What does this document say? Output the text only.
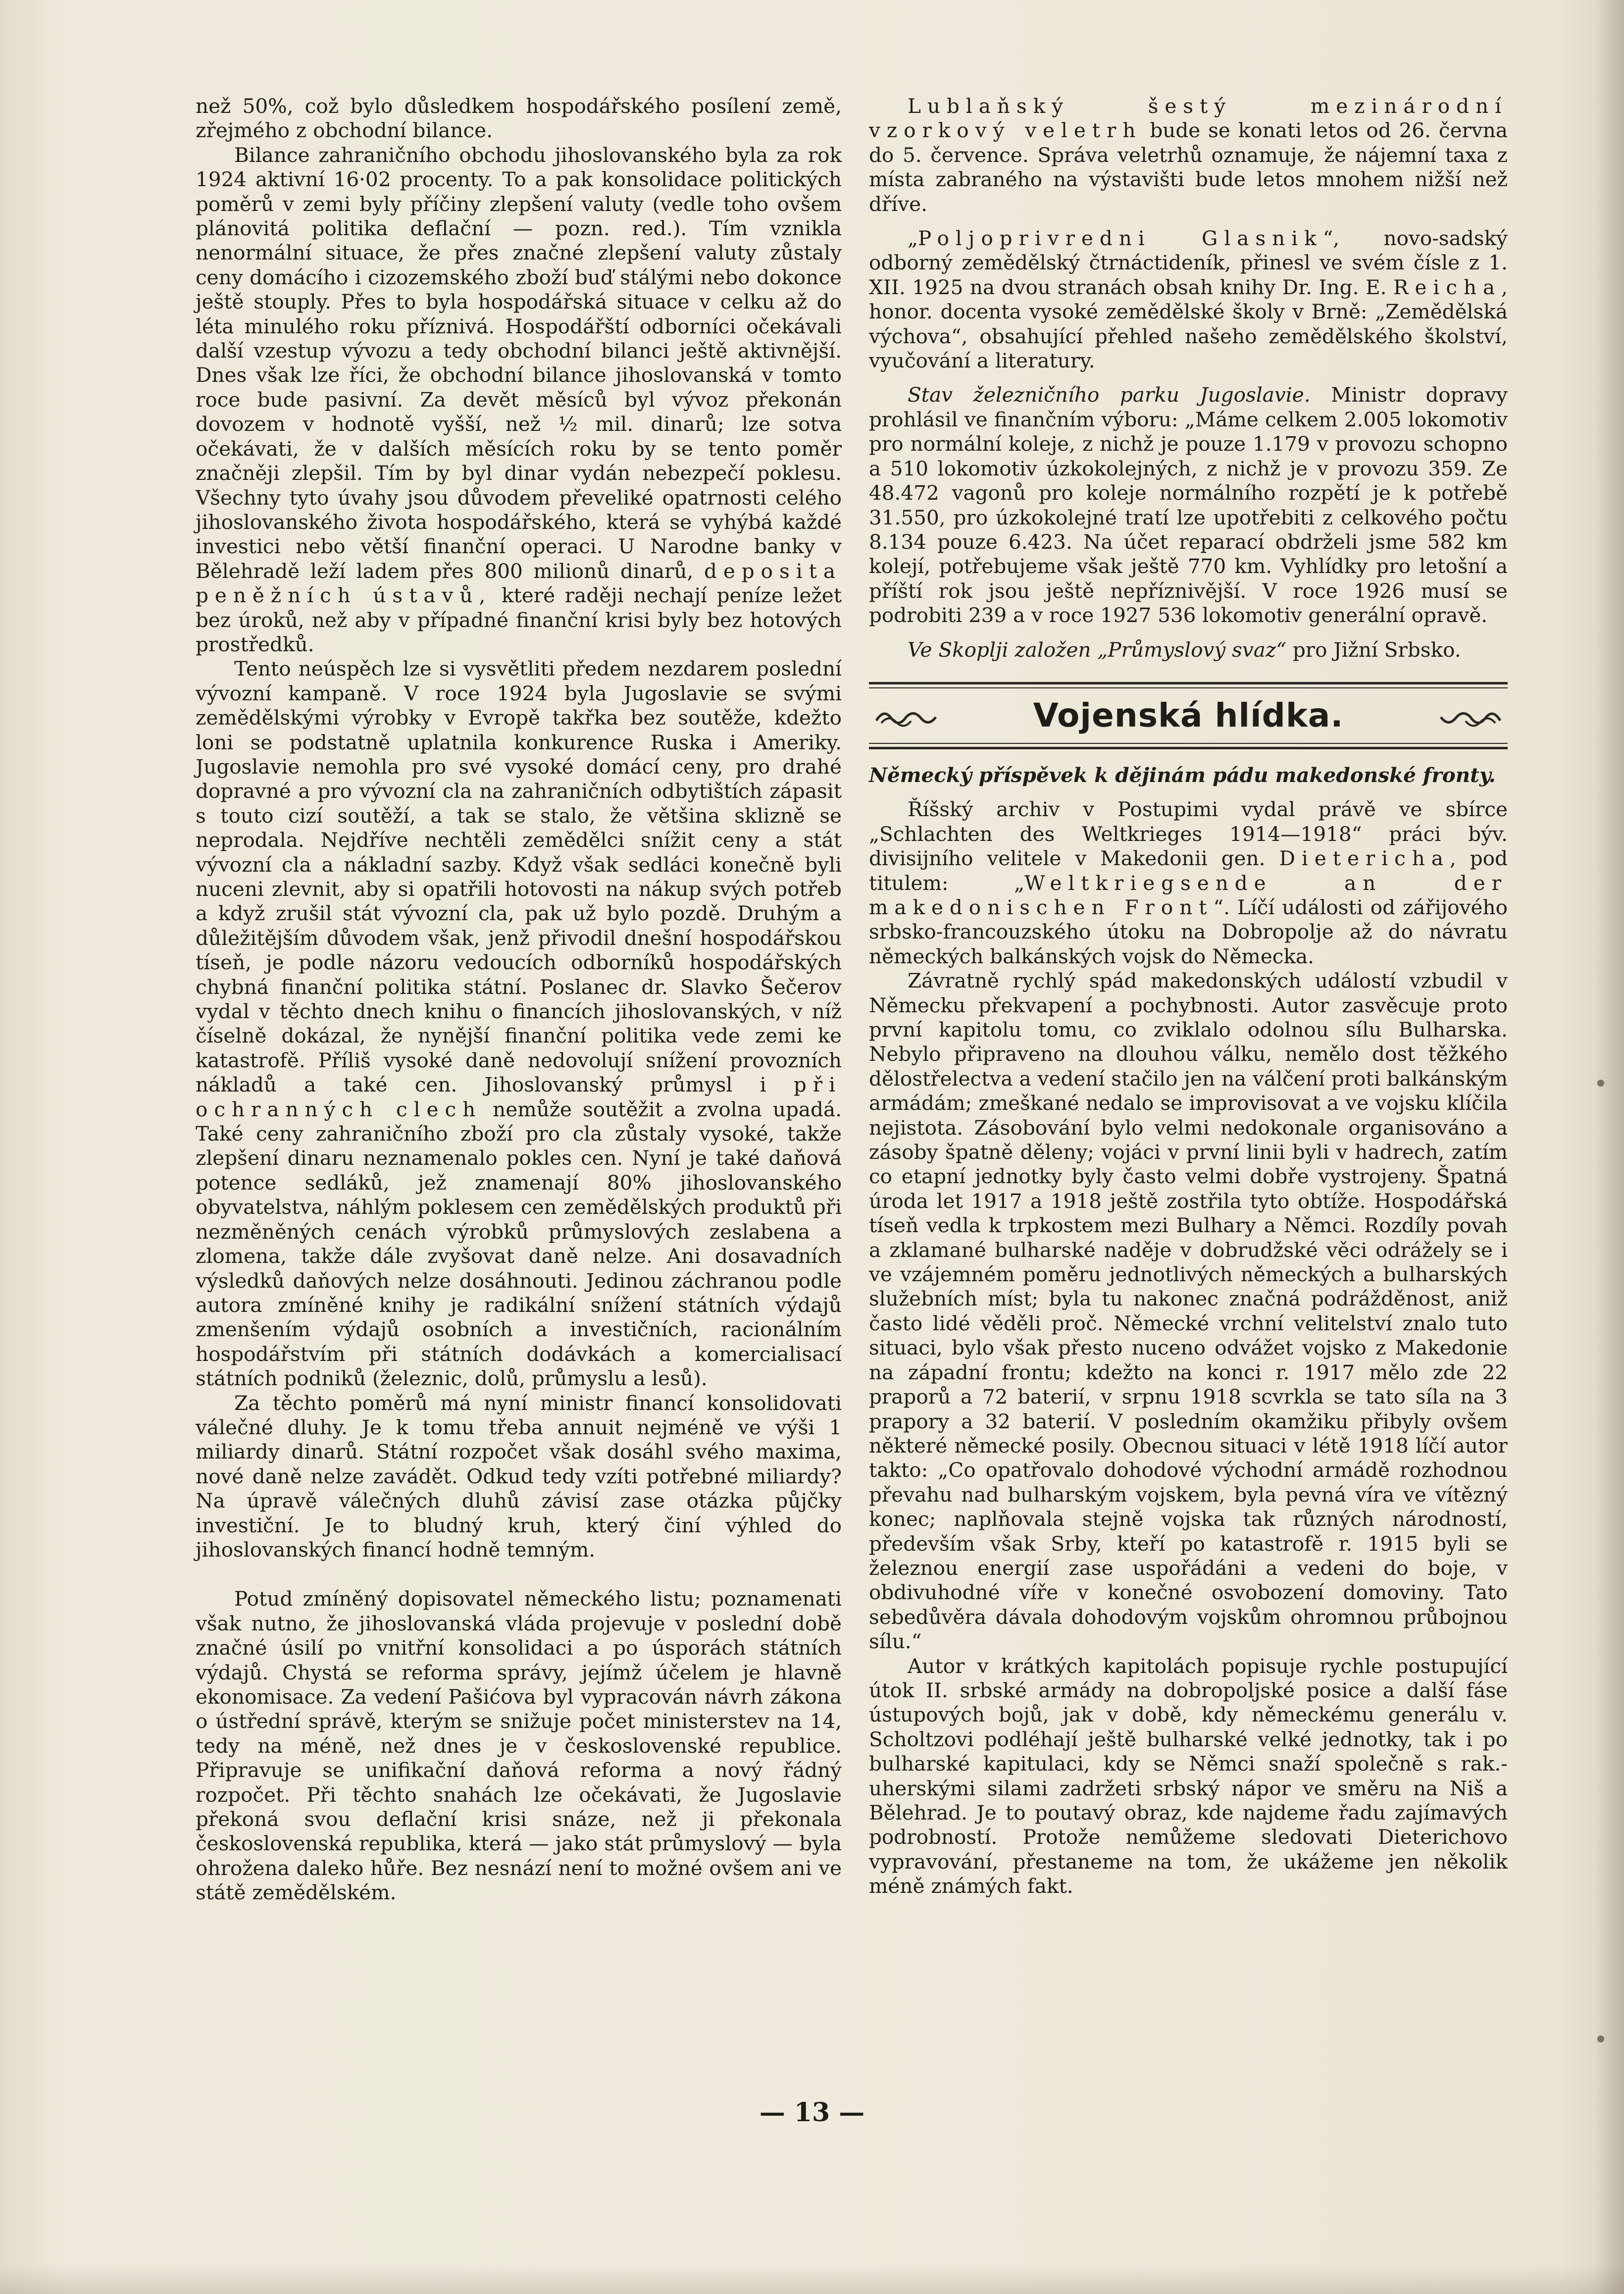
než 50%, což bylo důsledkem hospodářského posílení země, zřejmého z obchodní bilance.

Bilance zahraničního obchodu jihoslovanského byla za rok 1924 aktivní 16·02 procenty. To a pak konsolidace politických poměrů v zemi byly příčiny zlepšení valuty (vedle toho ovšem plánovitá politika deflační — pozn. red.). Tím vznikla nenormální situace, že přes značné zlepšení valuty zůstaly ceny domácího i cizozemského zboží buď stálými nebo dokonce ještě stouply. Přes to byla hospodářská situace v celku až do léta minulého roku příznivá. Hospodářští odborníci očekávali další vzestup vývozu a tedy obchodní bilanci ještě aktivnější. Dnes však lze říci, že obchodní bilance jihoslovanská v tomto roce bude pasivní. Za devět měsíců byl vývoz překonán dovozem v hodnotě vyšší, než ½ mil. dinarů; lze sotva očekávati, že v dalších měsících roku by se tento poměr značněji zlepšil. Tím by byl dinar vydán nebezpečí poklesu. Všechny tyto úvahy jsou důvodem převeliké opatrnosti celého jihoslovanského života hospodářského, která se vyhýbá každé investici nebo větší finanční operaci. U Narodne banky v Bělehradě leží ladem přes 800 milionů dinarů, deposita peněžních ústavů, které raději nechají peníze ležet bez úroků, než aby v případné finanční krisi byly bez hotových prostředků.

Tento neúspěch lze si vysvětliti předem nezdarem poslední vývozní kampaně. V roce 1924 byla Jugoslavie se svými zemědělskými výrobky v Evropě takřka bez soutěže, kdežto loni se podstatně uplatnila konkurence Ruska i Ameriky. Jugoslavie nemohla pro své vysoké domácí ceny, pro drahé dopravné a pro vývozní cla na zahraničních odbytištích zápasit s touto cizí soutěží, a tak se stalo, že většina sklizně se neprodala. Nejdříve nechtěli zemědělci snížit ceny a stát vývozní cla a nákladní sazby. Když však sedláci konečně byli nuceni zlevnit, aby si opatřili hotovosti na nákup svých potřeb a když zrušil stát vývozní cla, pak už bylo pozdě. Druhým a důležitějším důvodem však, jenž přivodil dnešní hospodářskou tíseň, je podle názoru vedoucích odborníků hospodářských chybná finanční politika státní. Poslanec dr. Slavko Šečerov vydal v těchto dnech knihu o financích jihoslovanských, v níž číselně dokázal, že nynější finanční politika vede zemi ke katastrofě. Příliš vysoké daně nedovolují snížení provozních nákladů a také cen. Jihoslovanský průmysl i při ochranných clech nemůže soutěžit a zvolna upadá. Také ceny zahraničního zboží pro cla zůstaly vysoké, takže zlepšení dinaru neznamenalo pokles cen. Nyní je také daňová potence sedláků, jež znamenají 80% jihoslovanského obyvatelstva, náhlým poklesem cen zemědělských produktů při nezměněných cenách výrobků průmyslových zeslabena a zlomena, takže dále zvyšovat daně nelze. Ani dosavadních výsledků daňových nelze dosáhnouti. Jedinou záchranou podle autora zmíněné knihy je radikální snížení státních výdajů zmenšením výdajů osobních a investičních, racionálním hospodářstvím při státních dodávkách a komercialisací státních podniků (železnic, dolů, průmyslu a lesů).

Za těchto poměrů má nyní ministr financí konsolidovati válečné dluhy. Je k tomu třeba annuit nejméně ve výši 1 miliardy dinarů. Státní rozpočet však dosáhl svého maxima, nové daně nelze zavádět. Odkud tedy vzíti potřebné miliardy? Na úpravě válečných dluhů závisí zase otázka půjčky investiční. Je to bludný kruh, který činí výhled do jihoslovanských financí hodně temným.

Potud zmíněný dopisovatel německého listu; poznamenati však nutno, že jihoslovanská vláda projevuje v poslední době značné úsilí po vnitřní konsolidaci a po úsporách státních výdajů. Chystá se reforma správy, jejímž účelem je hlavně ekonomisace. Za vedení Pašićova byl vypracován návrh zákona o ústřední správě, kterým se snižuje počet ministerstev na 14, tedy na méně, než dnes je v československé republice. Připravuje se unifikační daňová reforma a nový řádný rozpočet. Při těchto snahách lze očekávati, že Jugoslavie překoná svou deflační krisi snáze, než ji překonala československá republika, která — jako stát průmyslový — byla ohrožena daleko hůře. Bez nesnází není to možné ovšem ani ve státě zemědělském.

Lublaňský šestý mezinárodní vzorkový veletrh bude se konati letos od 26. června do 5. července. Správa veletrhů oznamuje, že nájemní taxa z místa zabraného na výstavišti bude letos mnohem nižší než dříve.

„Poljoprivredni Glasnik“, novo-sadský odborný zemědělský čtrnáctideník, přinesl ve svém čísle z 1. XII. 1925 na dvou stranách obsah knihy Dr. Ing. E. Reicha, honor. docenta vysoké zemědělské školy v Brně: „Zemědělská výchova“, obsahující přehled našeho zemědělského školství, vyučování a literatury.

Stav železničního parku Jugoslavie. Ministr dopravy prohlásil ve finančním výboru: „Máme celkem 2.005 lokomotiv pro normální koleje, z nichž je pouze 1.179 v provozu schopno a 510 lokomotiv úzkokolejných, z nichž je v provozu 359. Ze 48.472 vagonů pro koleje normálního rozpětí je k potřebě 31.550, pro úzkokolejné tratí lze upotřebiti z celkového počtu 8.134 pouze 6.423. Na účet reparací obdrželi jsme 582 km kolejí, potřebujeme však ještě 770 km. Vyhlídky pro letošní a příští rok jsou ještě nepříznivější. V roce 1926 musí se podrobiti 239 a v roce 1927 536 lokomotiv generální opravě.

Ve Skoplji založen „Průmyslový svaz“ pro Jižní Srbsko.

Vojenská hlídka.

Německý příspěvek k dějinám pádu makedonské fronty.

Říšský archiv v Postupimi vydal právě ve sbírce „Schlachten des Weltkrieges 1914—1918“ práci býv. divisijního velitele v Makedonii gen. Dietericha, pod titulem: „Weltkriegsende an der makedonischen Front“. Líčí události od zářijového srbsko-francouzského útoku na Dobropolje až do návratu německých balkánských vojsk do Německa.

Závratně rychlý spád makedonských událostí vzbudil v Německu překvapení a pochybnosti. Autor zasvěcuje proto první kapitolu tomu, co zviklalo odolnou sílu Bulharska. Nebylo připraveno na dlouhou válku, nemělo dost těžkého dělostřelectva a vedení stačilo jen na válčení proti balkánským armádám; zmeškané nedalo se improvisovat a ve vojsku klíčila nejistota. Zásobování bylo velmi nedokonale organisováno a zásoby špatně děleny; vojáci v první linii byli v hadrech, zatím co etapní jednotky byly často velmi dobře vystrojeny. Špatná úroda let 1917 a 1918 ještě zostřila tyto obtíže. Hospodářská tíseň vedla k trpkostem mezi Bulhary a Němci. Rozdíly povah a zklamané bulharské naděje v dobrudžské věci odrážely se i ve vzájemném poměru jednotlivých německých a bulharských služebních míst; byla tu nakonec značná podrážděnost, aniž často lidé věděli proč. Německé vrchní velitelství znalo tuto situaci, bylo však přesto nuceno odvážet vojsko z Makedonie na západní frontu; kdežto na konci r. 1917 mělo zde 22 praporů a 72 baterií, v srpnu 1918 scvrkla se tato síla na 3 prapory a 32 baterií. V posledním okamžiku přibyly ovšem některé německé posily. Obecnou situaci v létě 1918 líčí autor takto: „Co opatřovalo dohodové východní armádě rozhodnou převahu nad bulharským vojskem, byla pevná víra ve vítězný konec; naplňovala stejně vojska tak různých národností, především však Srby, kteří po katastrofě r. 1915 byli se železnou energií zase uspořádáni a vedeni do boje, v obdivuhodné víře v konečné osvobození domoviny. Tato sebedůvěra dávala dohodovým vojskům ohromnou průbojnou sílu.“

Autor v krátkých kapitolách popisuje rychle postupující útok II. srbské armády na dobropoljské posice a další fáse ústupových bojů, jak v době, kdy německému generálu v. Scholtzovi podléhají ještě bulharské velké jednotky, tak i po bulharské kapitulaci, kdy se Němci snaží společně s rak.-uherskými silami zadržeti srbský nápor ve směru na Niš a Bělehrad. Je to poutavý obraz, kde najdeme řadu zajímavých podrobností. Protože nemůžeme sledovati Dieterichovo vypravování, přestaneme na tom, že ukážeme jen několik méně známých fakt.

— 13 —
